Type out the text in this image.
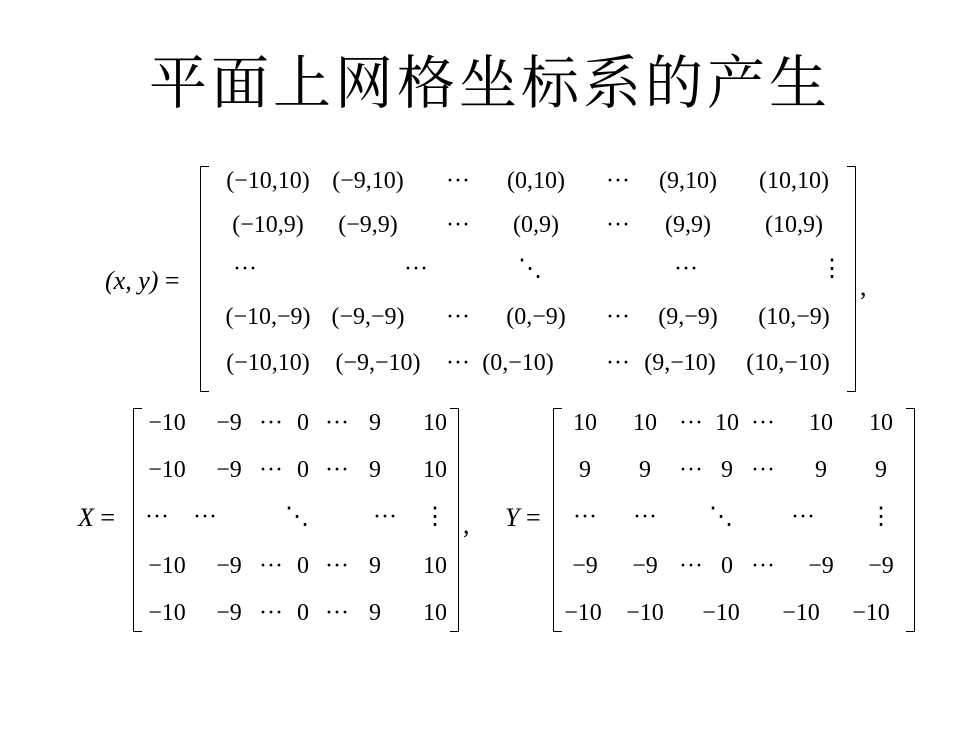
平面上网格坐标系的产生
(x, y) =
(−10,10) (−9,10) ··· (0,10) ··· (9,10) (10,10)
(−10,9) (−9,9) ··· (0,9) ··· (9,9) (10,9)
···	···	⋱	···	⋮
(−10,−9) (−9,−9) ··· (0,−9) ··· (9,−9) (10,−9)
(−10,10) (−9,−10) ··· (0,−10) ··· (9,−10) (10,−10)
,
X =
−10 −9 ··· 0 ··· 9 10
−10 −9 ··· 0 ··· 9 10
··· ···	⋱	··· ⋮
−10 −9 ··· 0 ··· 9 10
−10 −9 ··· 0 ··· 9 10
, Y =
10 10 ··· 10 ··· 10 10
9 9 ··· 9 ··· 9 9
··· ··· ⋱ ··· ⋮
−9 −9 ··· 0 ··· −9 −9
−10 −10 −10 −10 −10
